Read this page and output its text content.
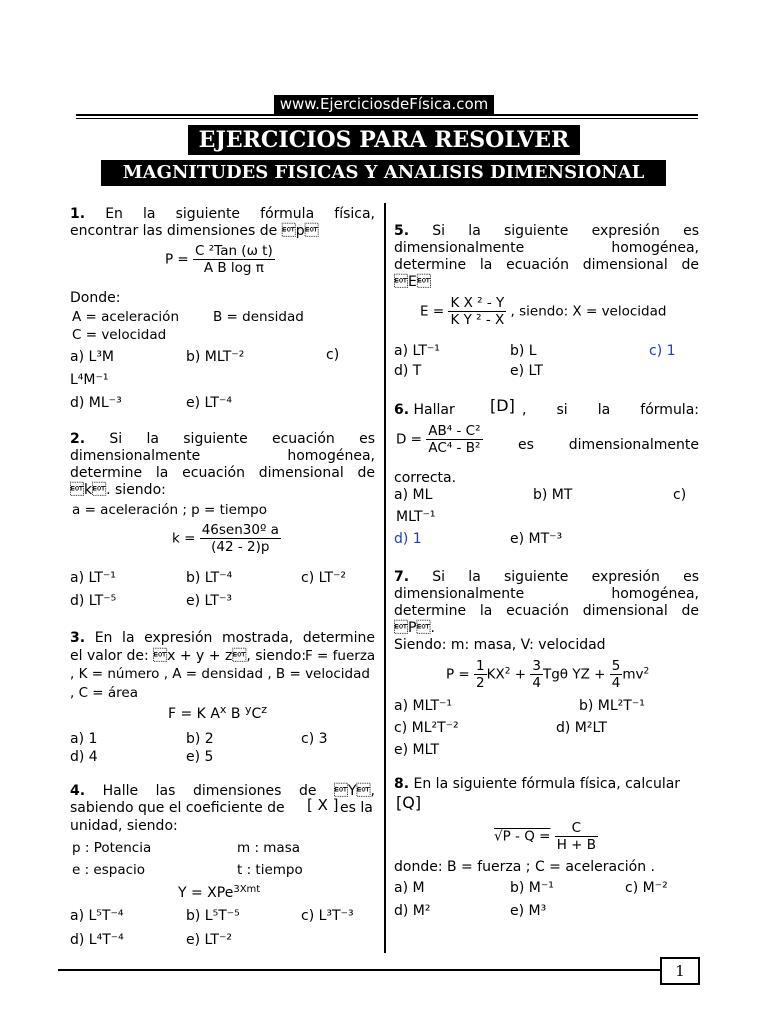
www.EjerciciosdeFísica.com
EJERCICIOS PARA RESOLVER
MAGNITUDES FISICAS Y ANALISIS DIMENSIONAL
1. En la siguiente fórmula física,
encontrar las dimensiones de p
$P = \frac{\text{C ²Tan (ω t)}}{\text{A B log π}}$
Donde:
A = aceleración	B = densidad
C = velocidad
a) L³M	b) MLT⁻²	c)
L⁴M⁻¹
d) ML⁻³	e) LT⁻⁴
2. Si la siguiente ecuación es
dimensionalmente homogénea,
determine la ecuación dimensional de
k. siendo:
a = aceleración ; p = tiempo
$k = \frac{\text{46sen30º a}}{(42 - 2)p}$
a) LT⁻¹	b) LT⁻⁴	c) LT⁻²
d) LT⁻⁵	e) LT⁻³
3. En la expresión mostrada, determine
el valor de: x + y + z, siendo:
F = fuerza
, K = número , A = densidad , B = velocidad
, C = área
F = K $A^x$ B $^yC^z$
a) 1	b) 2	c) 3
d) 4	e) 5
4. Halle las dimensiones de Y,
sabiendo que el coeficiente de [ X ] es la
unidad, siendo:
p : Potencia	m : masa
e : espacio	t : tiempo
Y = XPe$^{3Xmt}$
a) L⁵T⁻⁴	b) L⁵T⁻⁵	c) L³T⁻³
d) L⁴T⁻⁴	e) LT⁻²
5. Si la siguiente expresión es
dimensionalmente homogénea,
determine la ecuación dimensional de
E
$E = \frac{\text{K X ² - Y}}{\text{K Y ² - X}}$ , siendo: X = velocidad
a) LT⁻¹	b) L	c) 1
d) T	e) LT
6. Hallar [D] , si la fórmula:
$D = \frac{\text{AB⁴ - C²}}{\text{AC⁴ - B²}}$	es dimensionalmente
correcta.
a) ML	b) MT	c)
MLT⁻¹
d) 1	e) MT⁻³
7. Si la siguiente expresión es
dimensionalmente homogénea,
determine la ecuación dimensional de
P.
Siendo: m: masa, V: velocidad
$P = \frac{1}{2} KX^2 + \frac{3}{4}$ Tgθ YZ + $\frac{5}{4} mv^2$
a) MLT⁻¹	b) ML²T⁻¹
c) ML²T⁻²	d) M²LT
e) MLT
8. En la siguiente fórmula física, calcular
[Q]
$√P - Q = \frac{C}{H + B}$
donde: B = fuerza ; C = aceleración .
a) M	b) M⁻¹	c) M⁻²
d) M²	e) M³
1
